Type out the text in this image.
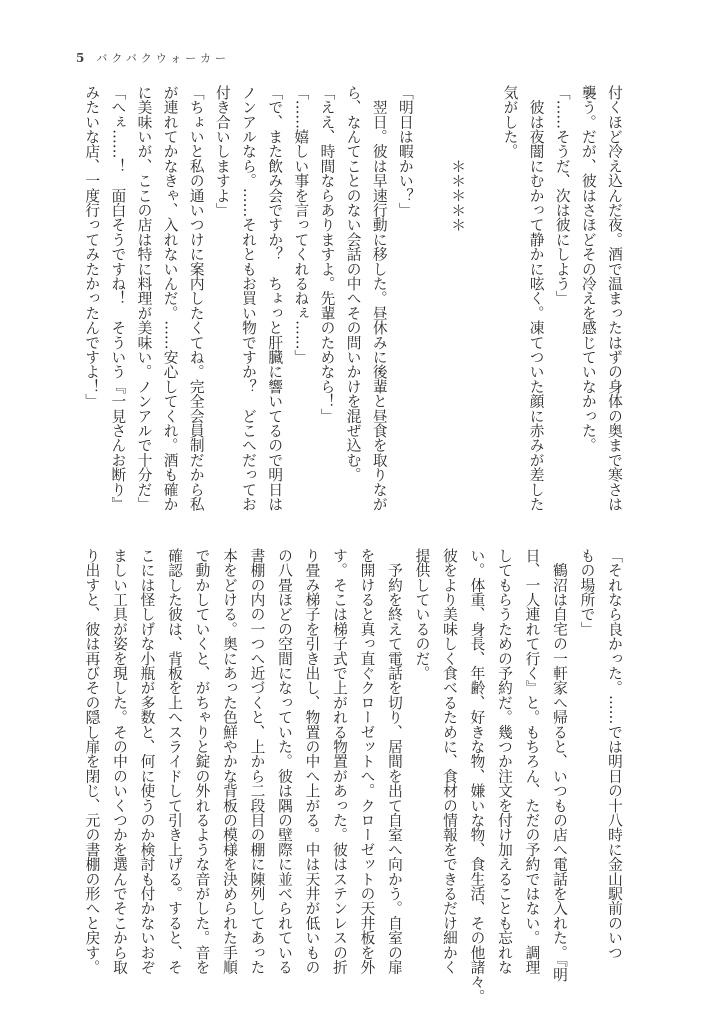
5 バクバクウォーカー
付くほど冷え込んだ夜。酒で温まったはずの身体の奥まで寒さは
襲う。だが、彼はさほどその冷えを感じていなかった。
「……そうだ、次は彼にしよう」
　彼は夜闇にむかって静かに呟く。凍てついた顔に赤みが差した
気がした。
　　　　　＊＊＊＊＊
「明日は暇かい？」
　翌日。彼は早速行動に移した。昼休みに後輩と昼食を取りなが
ら、なんてことのない会話の中へその問いかけを混ぜ込む。
「ええ、時間ならありますよ。先輩のためなら！」
「……嬉しい事を言ってくれるねぇ……」
「で、また飲み会ですか？　ちょっと肝臓に響いてるので明日は
ノンアルなら。……それともお買い物ですか？　どこへだってお
付き合いしますよ」
「ちょいと私の通いつけに案内したくてね。完全会員制だから私
が連れてかなきゃ、入れないんだ。……安心してくれ。酒も確か
に美味いが、ここの店は特に料理が美味い。ノンアルで十分だ」
「へぇ……！　面白そうですね！　そういう『一見さんお断り』
みたいな店、一度行ってみたかったんですよ！」
「それなら良かった。……では明日の十八時に金山駅前のいつ
もの場所で」
　鶴沼は自宅の一軒家へ帰ると、いつもの店へ電話を入れた。『明
日、一人連れて行く』と。もちろん、ただの予約ではない。調理
してもらうための予約だ。幾つか注文を付け加えることも忘れな
い。体重、身長、年齢、好きな物、嫌いな物、食生活、その他諸々。
彼をより美味しく食べるために、食材の情報をできるだけ細かく
提供しているのだ。
　予約を終えて電話を切り、居間を出て自室へ向かう。自室の扉
を開けると真っ直ぐクローゼットへ。クローゼットの天井板を外
す。そこは梯子式で上がれる物置があった。彼はステンレスの折
り畳み梯子を引き出し、物置の中へ上がる。中は天井が低いもの
の八畳ほどの空間になっていた。彼は隅の壁際に並べられている
書棚の内の一つへ近づくと、上から二段目の棚に陳列してあった
本をどける。奥にあった色鮮やかな背板の模様を決められた手順
で動かしていくと、がちゃりと錠の外れるような音がした。音を
確認した彼は、背板を上へスライドして引き上げる。すると、そ
こには怪しげな小瓶が多数と、何に使うのか検討も付かないおぞ
ましい工具が姿を現した。その中のいくつかを選んでそこから取
り出すと、彼は再びその隠し扉を閉じ、元の書棚の形へと戻す。
